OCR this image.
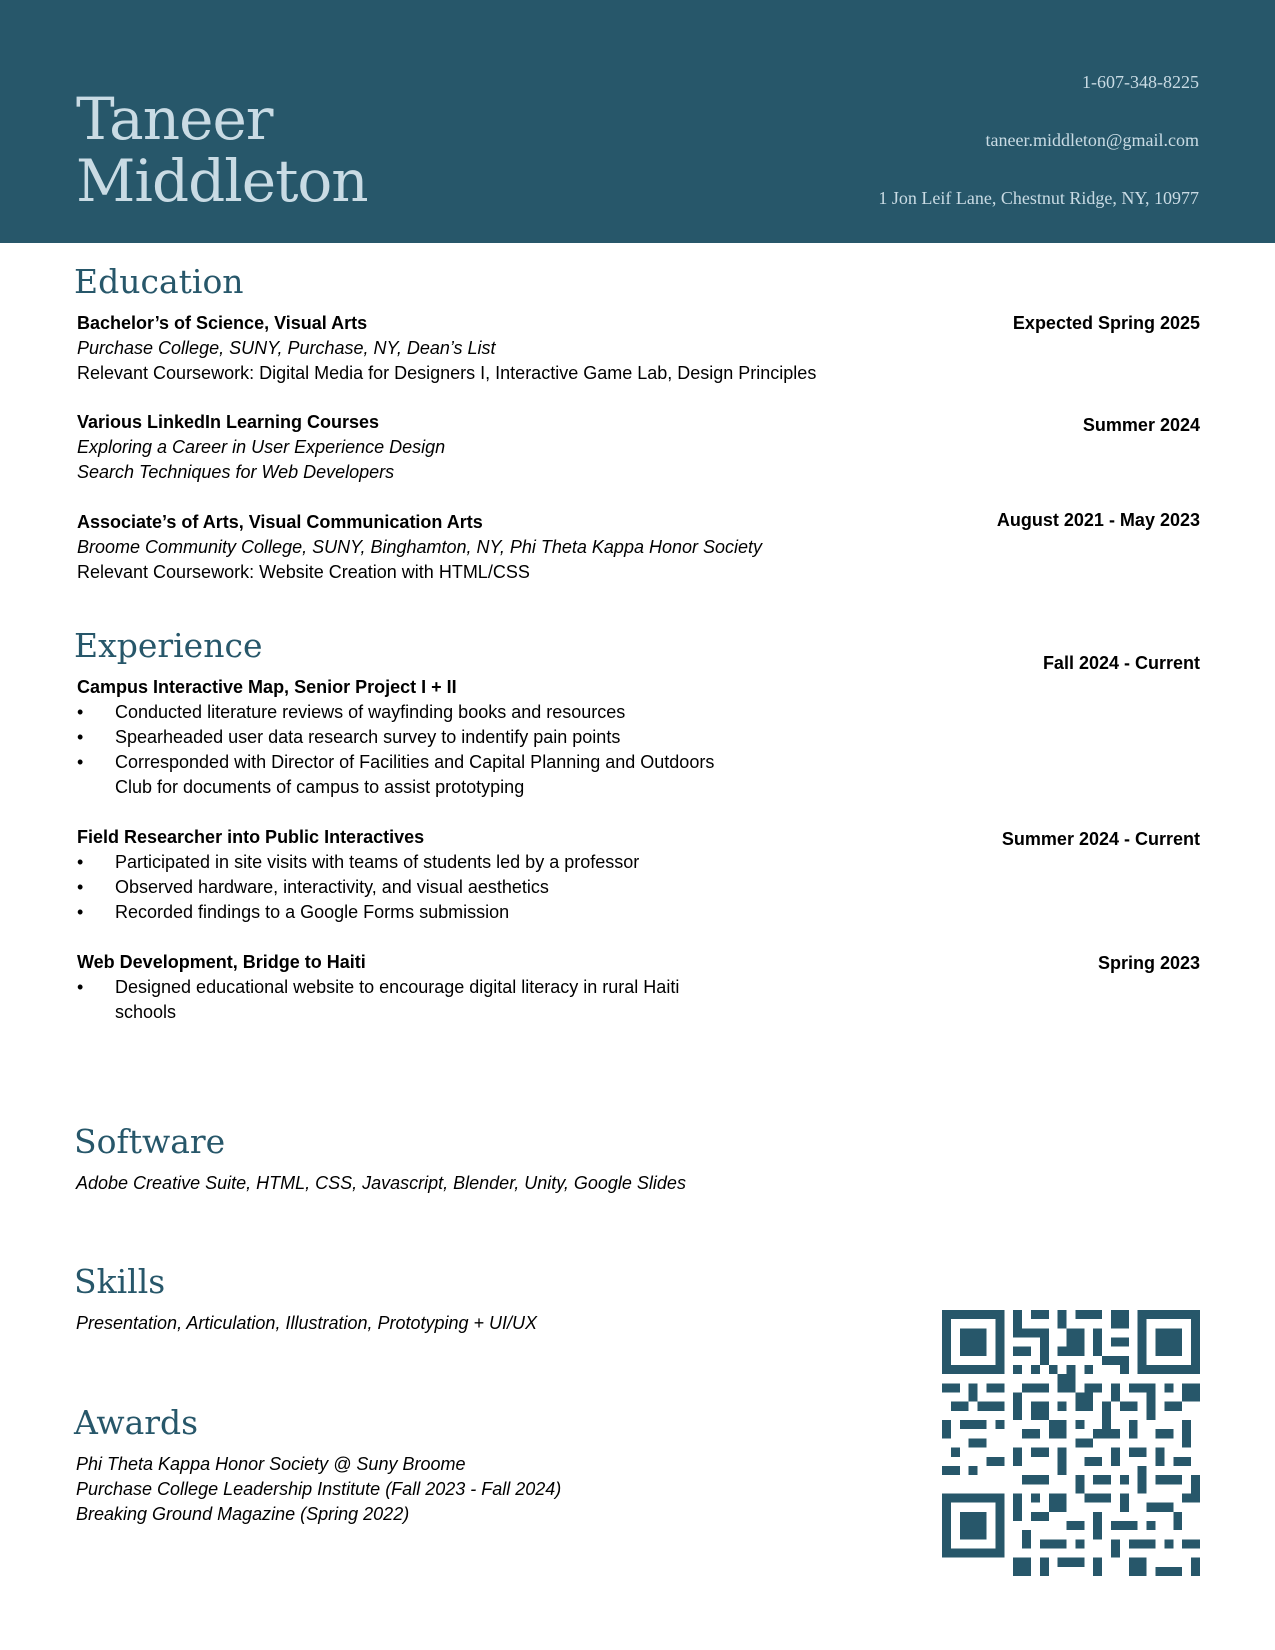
Taneer
Middleton
1-607-348-8225
taneer.middleton@gmail.com
1 Jon Leif Lane, Chestnut Ridge, NY, 10977
Education
Bachelor’s of Science, Visual Arts	Expected Spring 2025
Purchase College, SUNY, Purchase, NY, Dean’s List
Relevant Coursework: Digital Media for Designers I, Interactive Game Lab, Design Principles
Various LinkedIn Learning Courses	Summer 2024
Exploring a Career in User Experience Design
Search Techniques for Web Developers
Associate’s of Arts, Visual Communication Arts	August 2021 - May 2023
Broome Community College, SUNY, Binghamton, NY, Phi Theta Kappa Honor Society
Relevant Coursework: Website Creation with HTML/CSS
Experience	Fall 2024 - Current
Campus Interactive Map, Senior Project I + II
• Conducted literature reviews of wayfinding books and resources
• Spearheaded user data research survey to indentify pain points
• Corresponded with Director of Facilities and Capital Planning and Outdoors
Club for documents of campus to assist prototyping
Field Researcher into Public Interactives	Summer 2024 - Current
• Participated in site visits with teams of students led by a professor
• Observed hardware, interactivity, and visual aesthetics
• Recorded findings to a Google Forms submission
Web Development, Bridge to Haiti	Spring 2023
• Designed educational website to encourage digital literacy in rural Haiti
schools
Software
Adobe Creative Suite, HTML, CSS, Javascript, Blender, Unity, Google Slides
Skills
Presentation, Articulation, Illustration, Prototyping + UI/UX
Awards
Phi Theta Kappa Honor Society @ Suny Broome
Purchase College Leadership Institute (Fall 2023 - Fall 2024)
Breaking Ground Magazine (Spring 2022)
